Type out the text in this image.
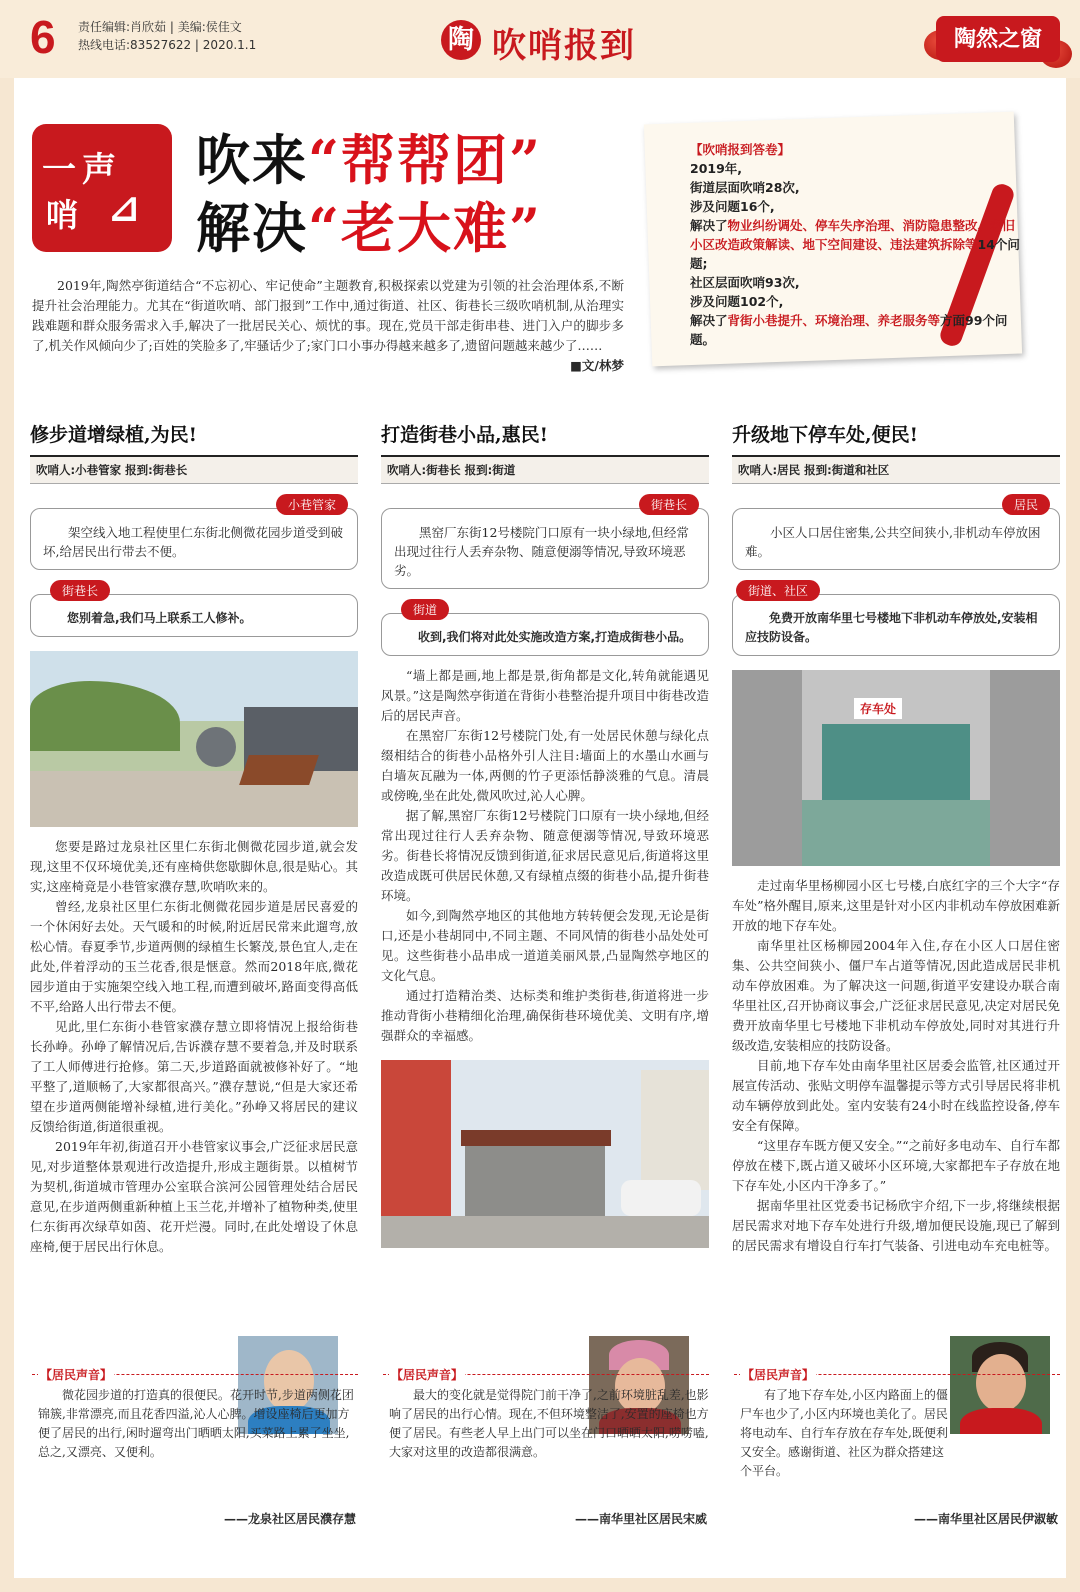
6 责任编辑:肖欣茹 | 美编:侯佳文
热线电话:83527622 | 2020.1.1	陶 吹哨报到	陶然之窗
一声
哨 ⊿
吹来“帮帮团”
解决“老大难”
2019年,陶然亭街道结合“不忘初心、牢记使命”主题教育,积极探索以党建为引领的社会治理体系,不断提升社会治理能力。尤其在“街道吹哨、部门报到”工作中,通过街道、社区、街巷长三级吹哨机制,从治理实践难题和群众服务需求入手,解决了一批居民关心、烦忧的事。现在,党员干部走街串巷、进门入户的脚步多了,机关作风倾向少了;百姓的笑脸多了,牢骚话少了;家门口小事办得越来越多了,遗留问题越来越少了……
■文/林梦
【吹哨报到答卷】
2019年,
街道层面吹哨28次,
涉及问题16个,
解决了物业纠纷调处、停车失序治理、消防隐患整改、老旧小区改造政策解读、地下空间建设、违法建筑拆除等14个问题;
社区层面吹哨93次,
涉及问题102个,
解决了背街小巷提升、环境治理、养老服务等方面99个问题。
修步道增绿植,为民!
吹哨人:小巷管家 报到:街巷长
小巷管家
架空线入地工程使里仁东街北侧微花园步道受到破坏,给居民出行带去不便。
街巷长
您别着急,我们马上联系工人修补。

您要是路过龙泉社区里仁东街北侧微花园步道,就会发现,这里不仅环境优美,还有座椅供您歇脚休息,很是贴心。其实,这座椅竟是小巷管家濮存慧,吹哨吹来的。

曾经,龙泉社区里仁东街北侧微花园步道是居民喜爱的一个休闲好去处。天气暖和的时候,附近居民常来此遛弯,放松心情。春夏季节,步道两侧的绿植生长繁茂,景色宜人,走在此处,伴着浮动的玉兰花香,很是惬意。然而2018年底,微花园步道由于实施架空线入地工程,而遭到破坏,路面变得高低不平,给路人出行带去不便。

见此,里仁东街小巷管家濮存慧立即将情况上报给街巷长孙峥。孙峥了解情况后,告诉濮存慧不要着急,并及时联系了工人师傅进行抢修。第二天,步道路面就被修补好了。“地平整了,道顺畅了,大家都很高兴。”濮存慧说,“但是大家还希望在步道两侧能增补绿植,进行美化。”孙峥又将居民的建议反馈给街道,街道很重视。

2019年年初,街道召开小巷管家议事会,广泛征求居民意见,对步道整体景观进行改造提升,形成主题街景。以植树节为契机,街道城市管理办公室联合滨河公园管理处结合居民意见,在步道两侧重新种植上玉兰花,并增补了植物种类,使里仁东街再次绿草如茵、花开烂漫。同时,在此处增设了休息座椅,便于居民出行休息。

打造街巷小品,惠民!
吹哨人:街巷长 报到:街道
街巷长
黑窑厂东街12号楼院门口原有一块小绿地,但经常出现过往行人丢弃杂物、随意便溺等情况,导致环境恶劣。
街道
收到,我们将对此处实施改造方案,打造成街巷小品。

“墙上都是画,地上都是景,街角都是文化,转角就能遇见风景。”这是陶然亭街道在背街小巷整治提升项目中街巷改造后的居民声音。

在黑窑厂东街12号楼院门处,有一处居民休憩与绿化点缀相结合的街巷小品格外引人注目:墙面上的水墨山水画与白墙灰瓦融为一体,两侧的竹子更添恬静淡雅的气息。清晨或傍晚,坐在此处,微风吹过,沁人心脾。

据了解,黑窑厂东街12号楼院门口原有一块小绿地,但经常出现过往行人丢弃杂物、随意便溺等情况,导致环境恶劣。街巷长将情况反馈到街道,征求居民意见后,街道将这里改造成既可供居民休憩,又有绿植点缀的街巷小品,提升街巷环境。

如今,到陶然亭地区的其他地方转转便会发现,无论是街口,还是小巷胡同中,不同主题、不同风情的街巷小品处处可见。这些街巷小品串成一道道美丽风景,凸显陶然亭地区的文化气息。

通过打造精治类、达标类和维护类街巷,街道将进一步推动背街小巷精细化治理,确保街巷环境优美、文明有序,增强群众的幸福感。

升级地下停车处,便民!
吹哨人:居民 报到:街道和社区
居民
小区人口居住密集,公共空间狭小,非机动车停放困难。
街道、社区
免费开放南华里七号楼地下非机动车停放处,安装相应技防设备。
存车处

走过南华里杨柳园小区七号楼,白底红字的三个大字“存车处”格外醒目,原来,这里是针对小区内非机动车停放困难新开放的地下存车处。

南华里社区杨柳园2004年入住,存在小区人口居住密集、公共空间狭小、僵尸车占道等情况,因此造成居民非机动车停放困难。为了解决这一问题,街道平安建设办联合南华里社区,召开协商议事会,广泛征求居民意见,决定对居民免费开放南华里七号楼地下非机动车停放处,同时对其进行升级改造,安装相应的技防设备。

目前,地下存车处由南华里社区居委会监管,社区通过开展宣传活动、张贴文明停车温馨提示等方式引导居民将非机动车辆停放到此处。室内安装有24小时在线监控设备,停车安全有保障。

“这里存车既方便又安全。”“之前好多电动车、自行车都停放在楼下,既占道又破坏小区环境,大家都把车子存放在地下存车处,小区内干净多了。”

据南华里社区党委书记杨欣宇介绍,下一步,将继续根据居民需求对地下存车处进行升级,增加便民设施,现已了解到的居民需求有增设自行车打气装备、引进电动车充电桩等。

【居民声音】
微花园步道的打造真的很便民。花开时节,步道两侧花团锦簇,非常漂亮,而且花香四溢,沁人心脾。增设座椅后更加方便了居民的出行,闲时遛弯出门晒晒太阳,买菜路上累了坐坐,总之,又漂亮、又便利。
——龙泉社区居民濮存慧
【居民声音】
最大的变化就是觉得院门前干净了,之前环境脏乱差,也影响了居民的出行心情。现在,不但环境整洁了,安置的座椅也方便了居民。有些老人早上出门可以坐在门口晒晒太阳,唠唠嗑,大家对这里的改造都很满意。
——南华里社区居民宋威
【居民声音】
有了地下存车处,小区内路面上的僵尸车也少了,小区内环境也美化了。居民将电动车、自行车存放在存车处,既便利又安全。感谢街道、社区为群众搭建这个平台。
——南华里社区居民伊淑敏
